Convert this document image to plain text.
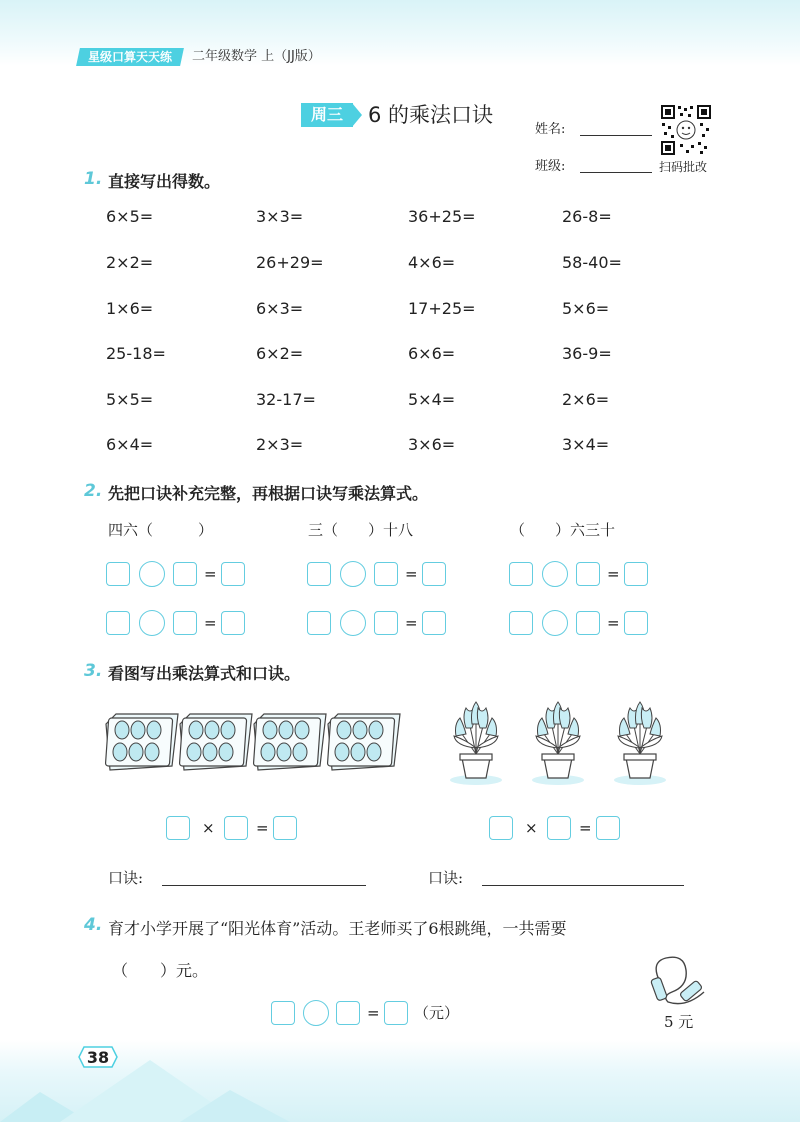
星级口算天天练	二年级数学 上（JJ版）
周三	6 的乘法口诀
姓名:
班级:	扫码批改
1. 直接写出得数。
6×5=	3×3=	36+25=	26-8=
2×2=	26+29=	4×6=	58-40=
1×6=	6×3=	17+25=	5×6=
25-18=	6×2=	6×6=	36-9=
5×5=	32-17=	5×4=	2×6=
6×4=	2×3=	3×6=	3×4=
2. 先把口诀补充完整，再根据口诀写乘法算式。
四六（　　　）	三（　　）十八	（　　）六三十
=
=
=
=
=
=
3. 看图写出乘法算式和口诀。
×	=	×	=
口诀:	口诀:
4. 育才小学开展了“阳光体育”活动。王老师买了6根跳绳，一共需要
（　　）元。
5 元
= （元）
38
